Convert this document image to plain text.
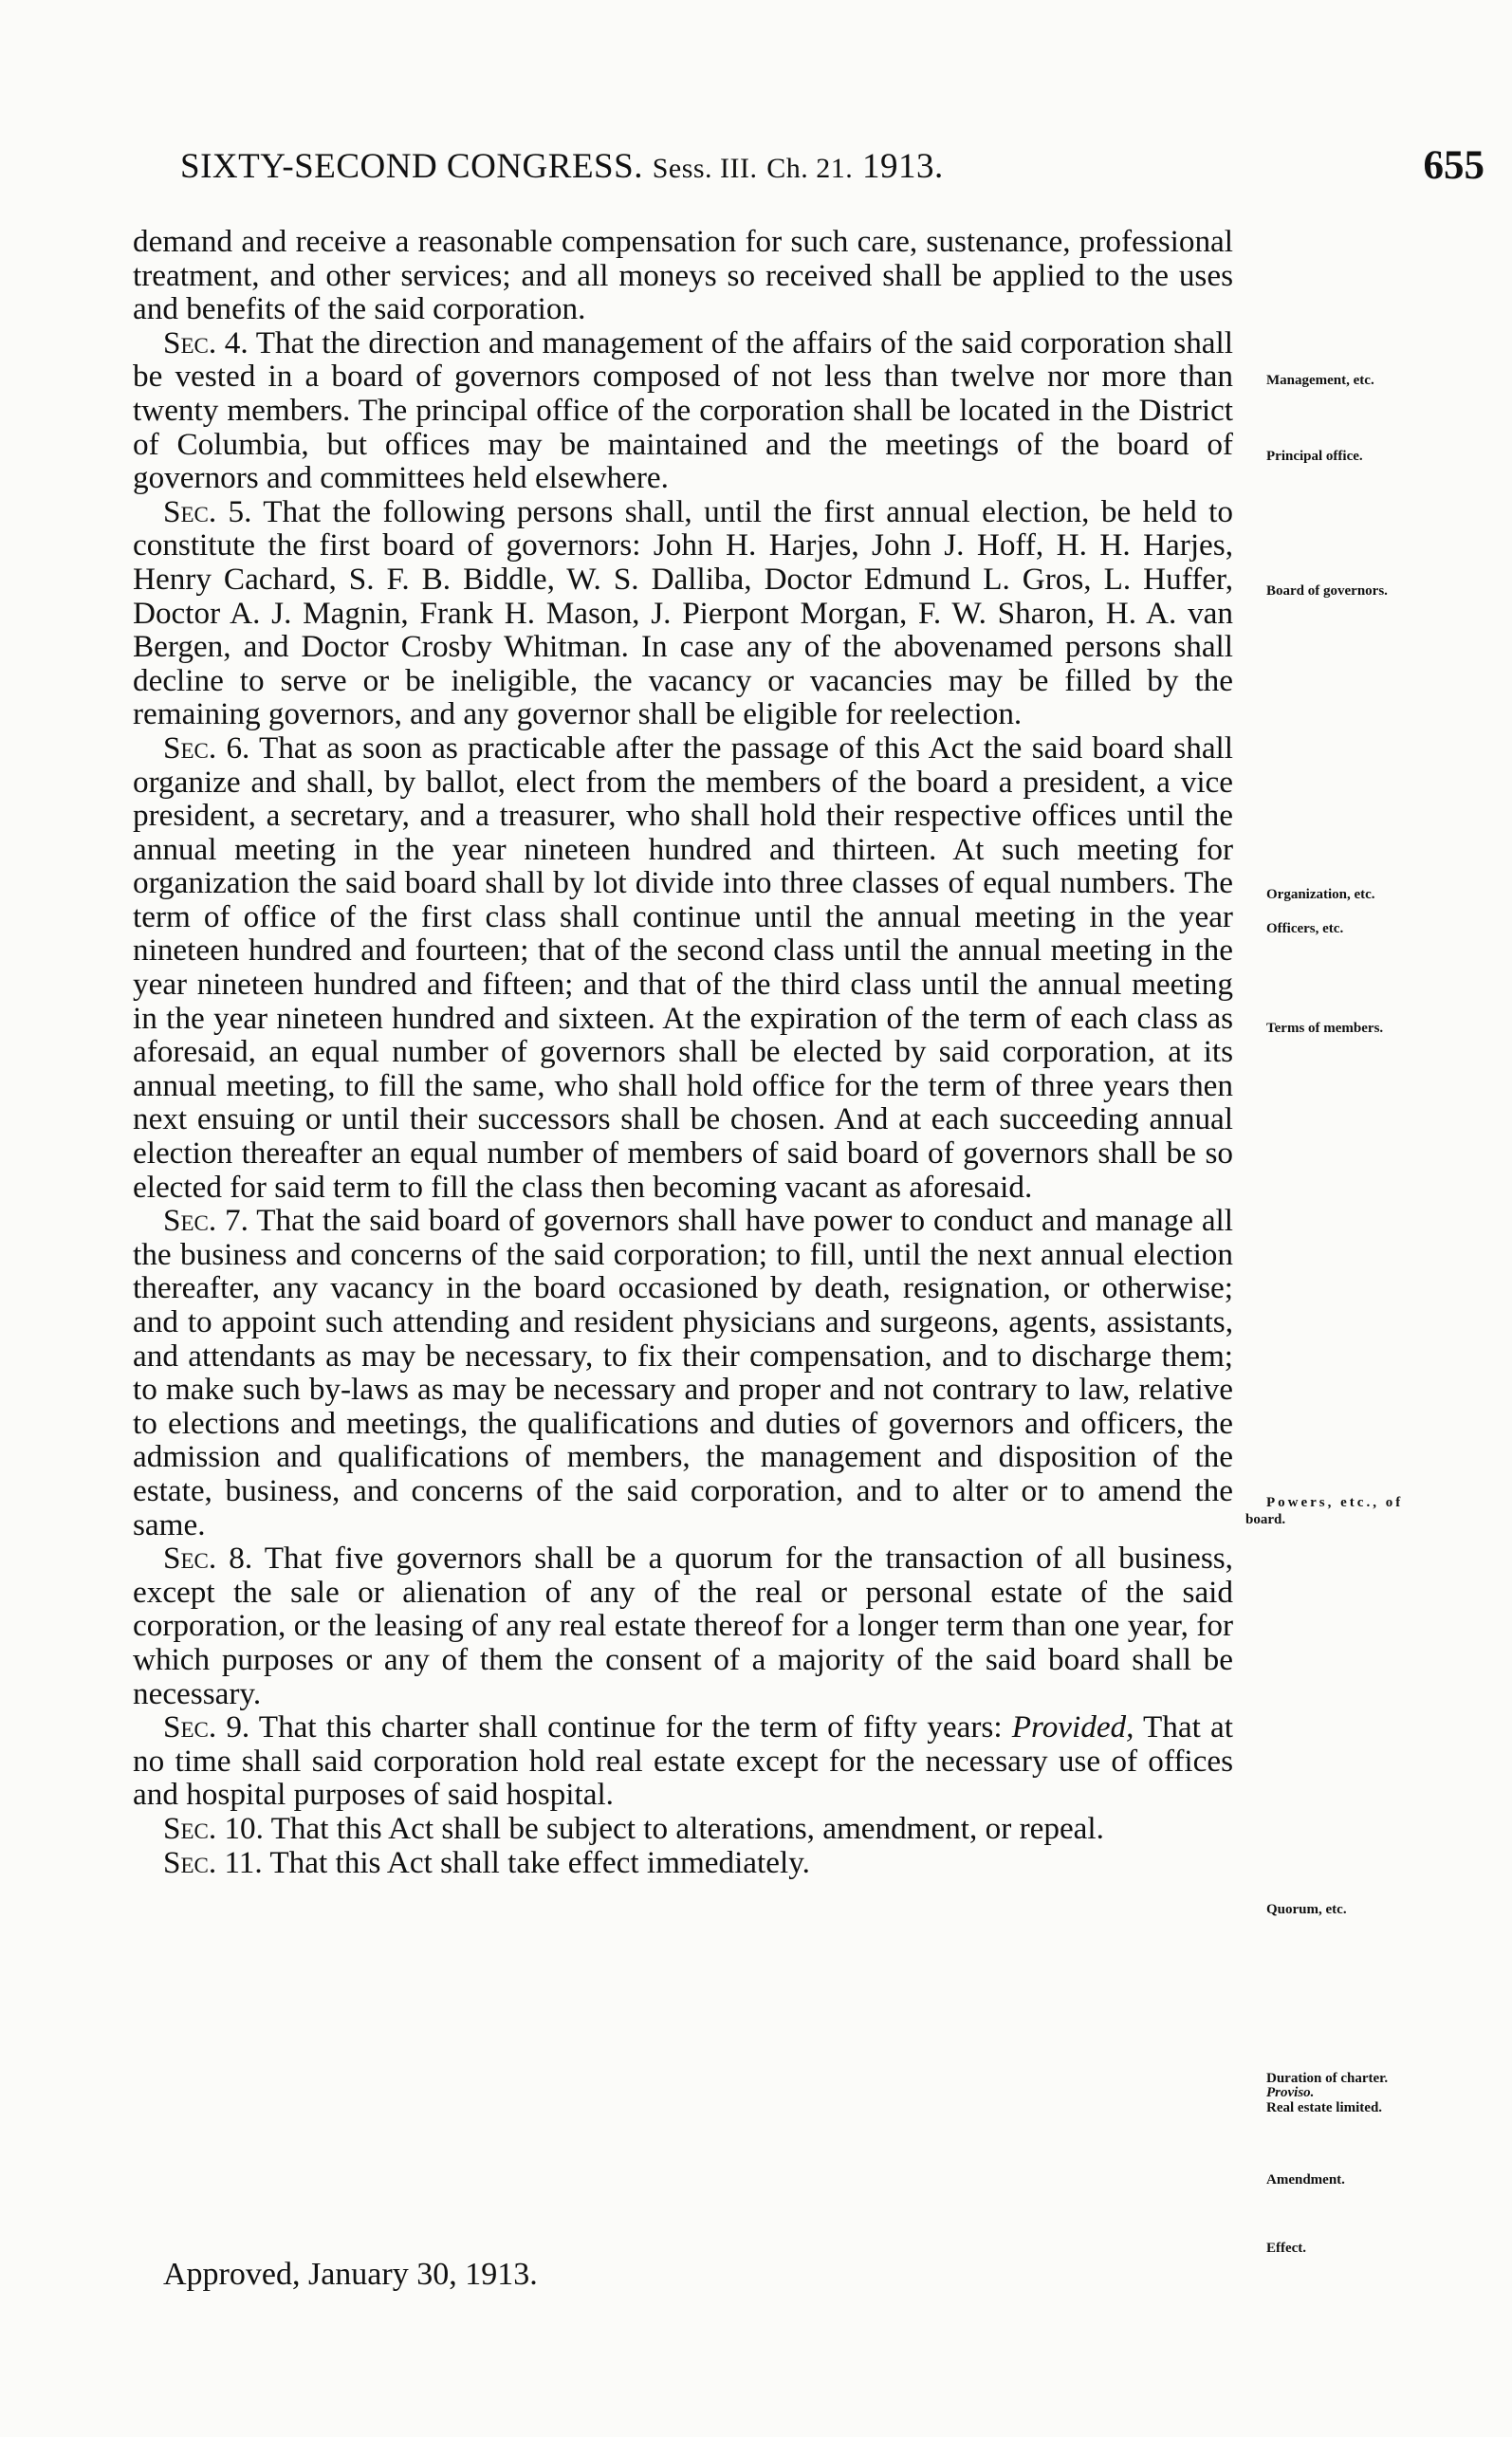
SIXTY-SECOND CONGRESS. Sess. III. Ch. 21. 1913.	655

demand and receive a reasonable compensation for such care, sustenance, professional treatment, and other services; and all moneys so received shall be applied to the uses and benefits of the said corporation.

Sec. 4. That the direction and management of the affairs of the said corporation shall be vested in a board of governors composed of not less than twelve nor more than twenty members. The principal office of the corporation shall be located in the District of Columbia, but offices may be maintained and the meetings of the board of governors and committees held elsewhere.

Sec. 5. That the following persons shall, until the first annual election, be held to constitute the first board of governors: John H. Harjes, John J. Hoff, H. H. Harjes, Henry Cachard, S. F. B. Biddle, W. S. Dalliba, Doctor Edmund L. Gros, L. Huffer, Doctor A. J. Magnin, Frank H. Mason, J. Pierpont Morgan, F. W. Sharon, H. A. van Bergen, and Doctor Crosby Whitman. In case any of the abovenamed persons shall decline to serve or be ineligible, the vacancy or vacancies may be filled by the remaining governors, and any governor shall be eligible for reelection.

Sec. 6. That as soon as practicable after the passage of this Act the said board shall organize and shall, by ballot, elect from the members of the board a president, a vice president, a secretary, and a treasurer, who shall hold their respective offices until the annual meeting in the year nineteen hundred and thirteen. At such meeting for organization the said board shall by lot divide into three classes of equal numbers. The term of office of the first class shall continue until the annual meeting in the year nineteen hundred and fourteen; that of the second class until the annual meeting in the year nineteen hundred and fifteen; and that of the third class until the annual meeting in the year nineteen hundred and sixteen. At the expiration of the term of each class as aforesaid, an equal number of governors shall be elected by said corporation, at its annual meeting, to fill the same, who shall hold office for the term of three years then next ensuing or until their successors shall be chosen. And at each succeeding annual election thereafter an equal number of members of said board of governors shall be so elected for said term to fill the class then becoming vacant as aforesaid.

Sec. 7. That the said board of governors shall have power to conduct and manage all the business and concerns of the said corporation; to fill, until the next annual election thereafter, any vacancy in the board occasioned by death, resignation, or otherwise; and to appoint such attending and resident physicians and surgeons, agents, assistants, and attendants as may be necessary, to fix their compensation, and to discharge them; to make such by-laws as may be necessary and proper and not contrary to law, relative to elections and meetings, the qualifications and duties of governors and officers, the admission and qualifications of members, the management and disposition of the estate, business, and concerns of the said corporation, and to alter or to amend the same.

Sec. 8. That five governors shall be a quorum for the transaction of all business, except the sale or alienation of any of the real or personal estate of the said corporation, or the leasing of any real estate thereof for a longer term than one year, for which purposes or any of them the consent of a majority of the said board shall be necessary.

Sec. 9. That this charter shall continue for the term of fifty years: Provided, That at no time shall said corporation hold real estate except for the necessary use of offices and hospital purposes of said hospital.

Sec. 10. That this Act shall be subject to alterations, amendment, or repeal.

Sec. 11. That this Act shall take effect immediately.

Approved, January 30, 1913.
Management, etc.
Principal office.
Board of governors.
Organization, etc.
Officers, etc.
Terms of members.
Powers, etc., of
board.
Quorum, etc.
Duration of charter.
Proviso.
Real estate limited.
Amendment.
Effect.
